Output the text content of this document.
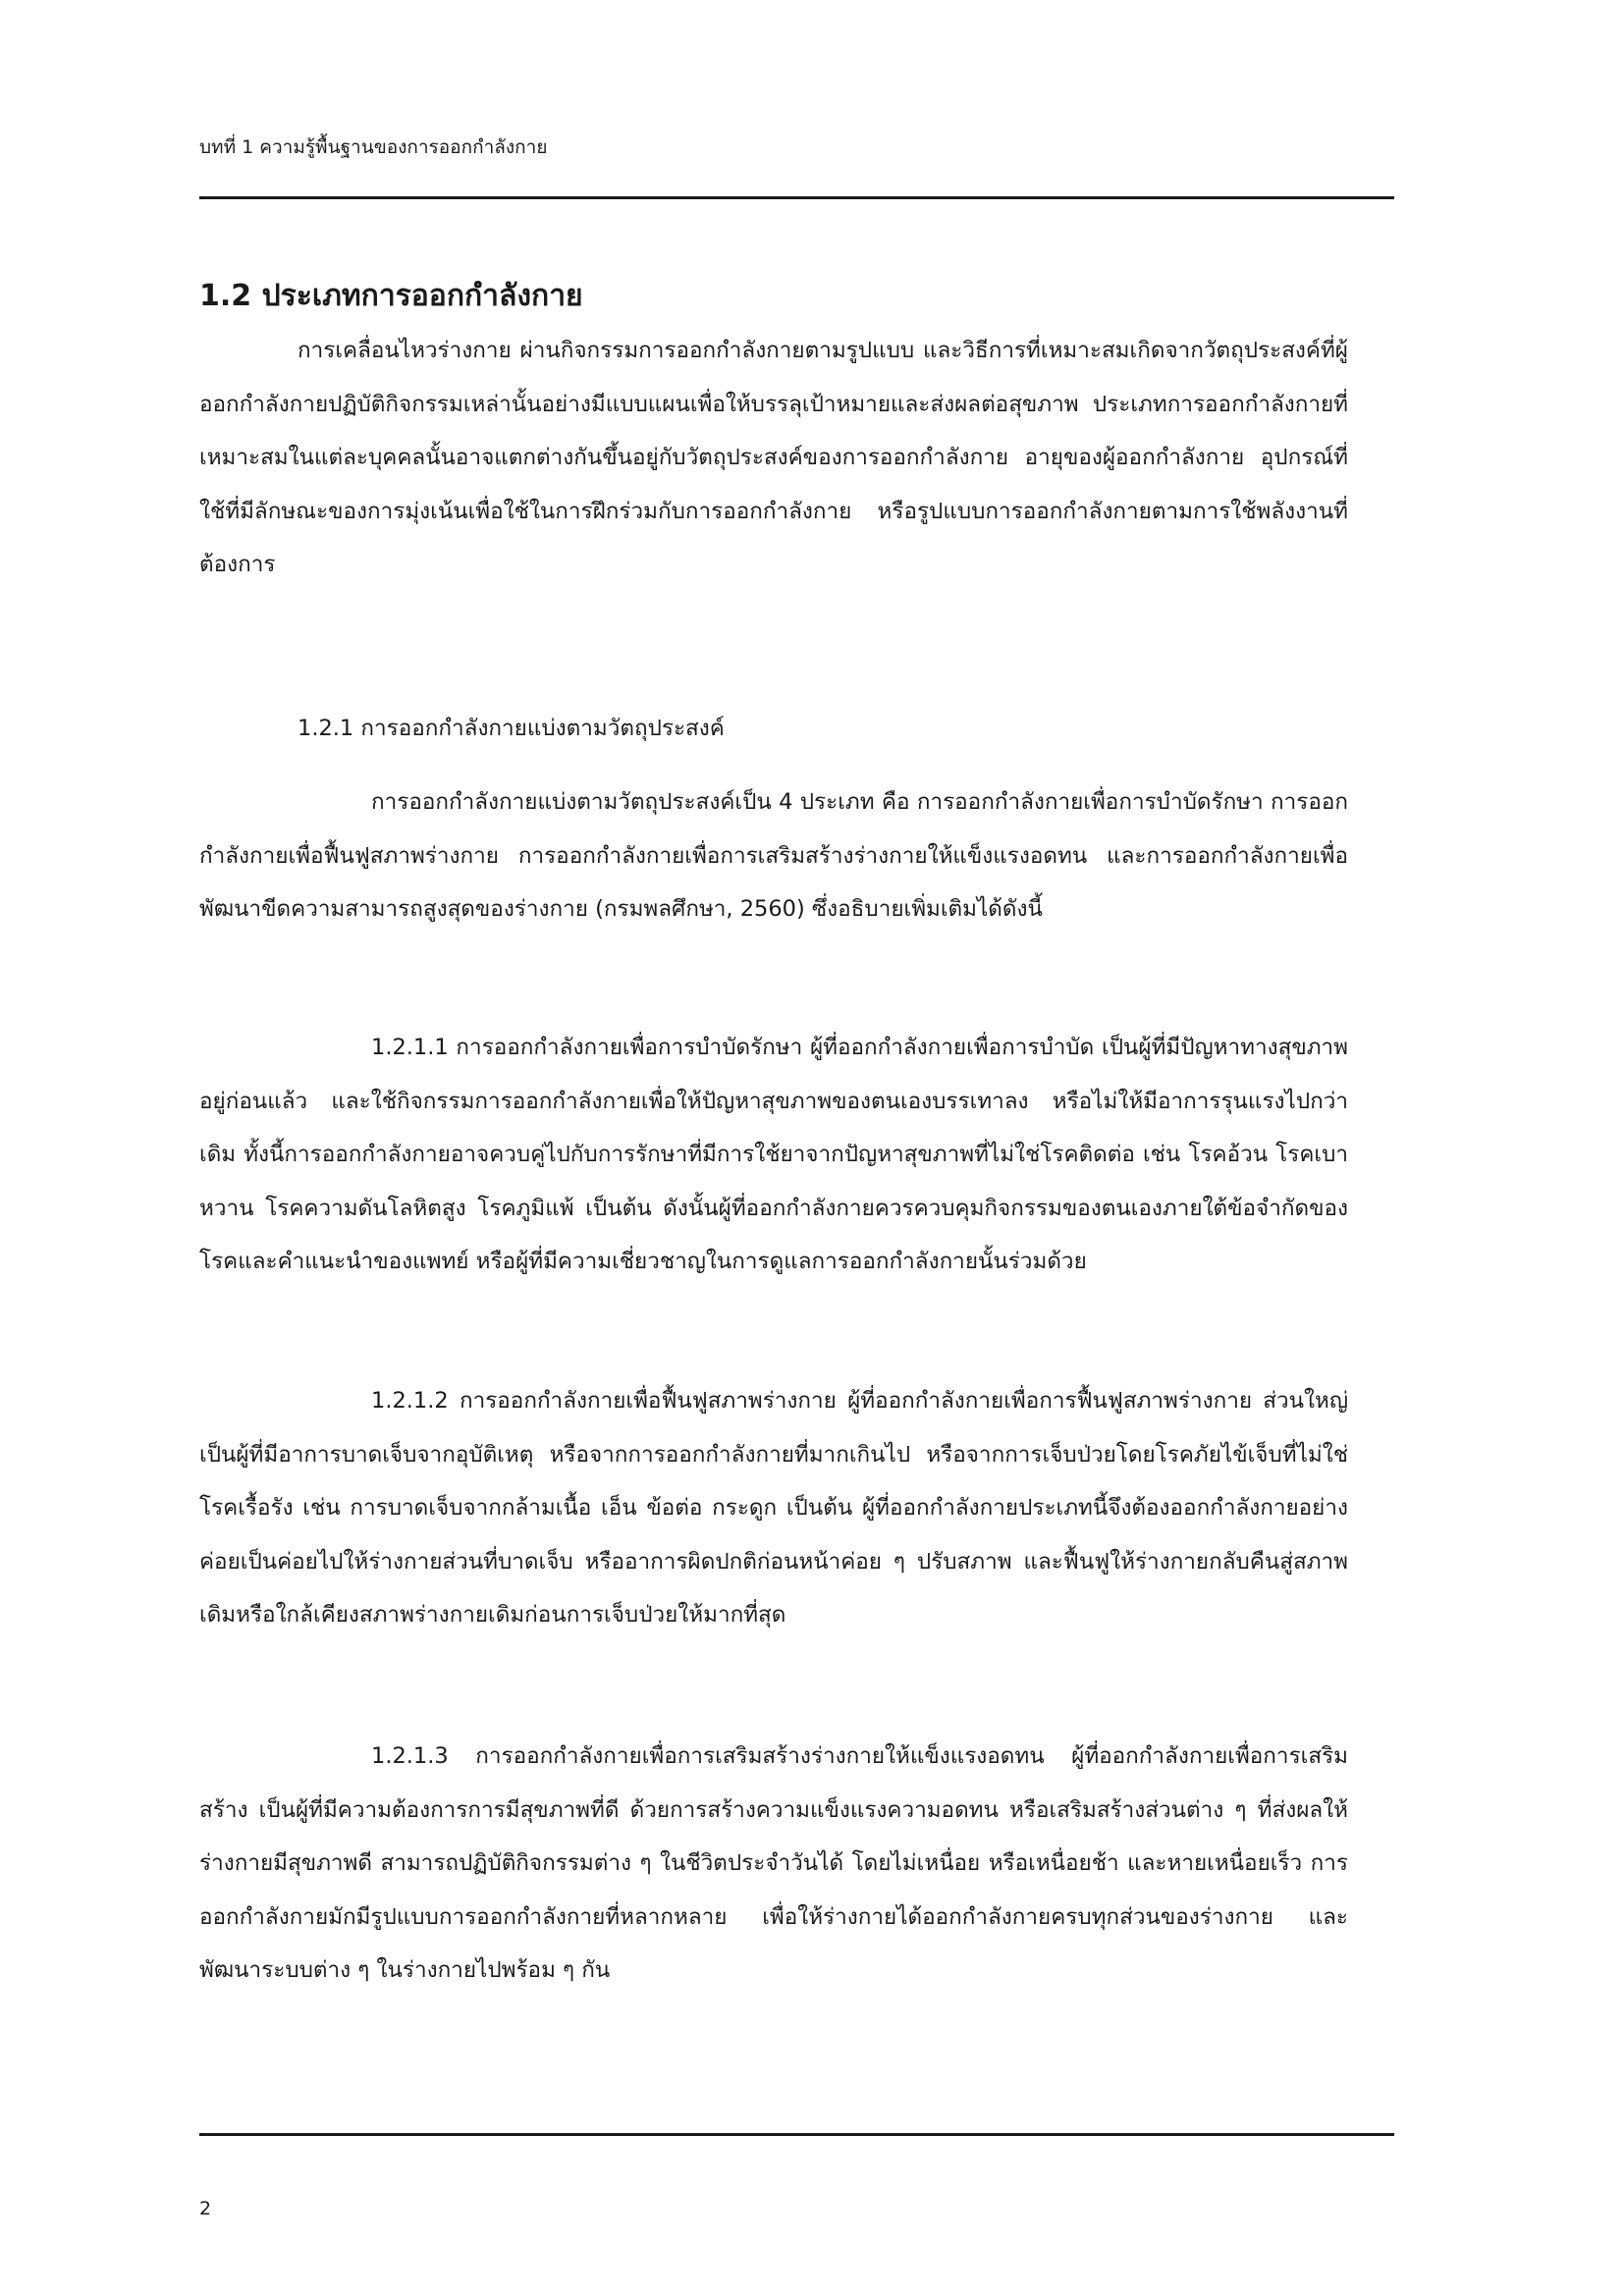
บทที่ 1 ความรู้พื้นฐานของการออกกำลังกาย
1.2 ประเภทการออกกำลังกาย

การเคลื่อนไหวร่างกาย ผ่านกิจกรรมการออกกำลังกายตามรูปแบบ และวิธีการที่เหมาะสมเกิดจากวัตถุประสงค์ที่ผู้ออกกำลังกายปฏิบัติกิจกรรมเหล่านั้นอย่างมีแบบแผนเพื่อให้บรรลุเป้าหมายและส่งผลต่อสุขภาพ ประเภทการออกกำลังกายที่เหมาะสมในแต่ละบุคคลนั้นอาจแตกต่างกันขึ้นอยู่กับวัตถุประสงค์ของการออกกำลังกาย อายุของผู้ออกกำลังกาย อุปกรณ์ที่ใช้ที่มีลักษณะของการมุ่งเน้นเพื่อใช้ในการฝึกร่วมกับการออกกำลังกาย หรือรูปแบบการออกกำลังกายตามการใช้พลังงานที่ต้องการ

1.2.1 การออกกำลังกายแบ่งตามวัตถุประสงค์

การออกกำลังกายแบ่งตามวัตถุประสงค์เป็น 4 ประเภท คือ การออกกำลังกายเพื่อการบำบัดรักษา การออกกำลังกายเพื่อฟื้นฟูสภาพร่างกาย การออกกำลังกายเพื่อการเสริมสร้างร่างกายให้แข็งแรงอดทน และการออกกำลังกายเพื่อพัฒนาขีดความสามารถสูงสุดของร่างกาย (กรมพลศึกษา, 2560) ซึ่งอธิบายเพิ่มเติมได้ดังนี้

1.2.1.1 การออกกำลังกายเพื่อการบำบัดรักษา ผู้ที่ออกกำลังกายเพื่อการบำบัด เป็นผู้ที่มีปัญหาทางสุขภาพอยู่ก่อนแล้ว และใช้กิจกรรมการออกกำลังกายเพื่อให้ปัญหาสุขภาพของตนเองบรรเทาลง หรือไม่ให้มีอาการรุนแรงไปกว่าเดิม ทั้งนี้การออกกำลังกายอาจควบคู่ไปกับการรักษาที่มีการใช้ยาจากปัญหาสุขภาพที่ไม่ใช่โรคติดต่อ เช่น โรคอ้วน โรคเบาหวาน โรคความดันโลหิตสูง โรคภูมิแพ้ เป็นต้น ดังนั้นผู้ที่ออกกำลังกายควรควบคุมกิจกรรมของตนเองภายใต้ข้อจำกัดของโรคและคำแนะนำของแพทย์ หรือผู้ที่มีความเชี่ยวชาญในการดูแลการออกกำลังกายนั้นร่วมด้วย

1.2.1.2 การออกกำลังกายเพื่อฟื้นฟูสภาพร่างกาย ผู้ที่ออกกำลังกายเพื่อการฟื้นฟูสภาพร่างกาย ส่วนใหญ่เป็นผู้ที่มีอาการบาดเจ็บจากอุบัติเหตุ หรือจากการออกกำลังกายที่มากเกินไป หรือจากการเจ็บป่วยโดยโรคภัยไข้เจ็บที่ไม่ใช่โรคเรื้อรัง เช่น การบาดเจ็บจากกล้ามเนื้อ เอ็น ข้อต่อ กระดูก เป็นต้น ผู้ที่ออกกำลังกายประเภทนี้จึงต้องออกกำลังกายอย่างค่อยเป็นค่อยไปให้ร่างกายส่วนที่บาดเจ็บ หรืออาการผิดปกติก่อนหน้าค่อย ๆ ปรับสภาพ และฟื้นฟูให้ร่างกายกลับคืนสู่สภาพเดิมหรือใกล้เคียงสภาพร่างกายเดิมก่อนการเจ็บป่วยให้มากที่สุด

1.2.1.3 การออกกำลังกายเพื่อการเสริมสร้างร่างกายให้แข็งแรงอดทน ผู้ที่ออกกำลังกายเพื่อการเสริมสร้าง เป็นผู้ที่มีความต้องการการมีสุขภาพที่ดี ด้วยการสร้างความแข็งแรงความอดทน หรือเสริมสร้างส่วนต่าง ๆ ที่ส่งผลให้ร่างกายมีสุขภาพดี สามารถปฏิบัติกิจกรรมต่าง ๆ ในชีวิตประจำวันได้ โดยไม่เหนื่อย หรือเหนื่อยช้า และหายเหนื่อยเร็ว การออกกำลังกายมักมีรูปแบบการออกกำลังกายที่หลากหลาย เพื่อให้ร่างกายได้ออกกำลังกายครบทุกส่วนของร่างกาย และพัฒนาระบบต่าง ๆ ในร่างกายไปพร้อม ๆ กัน

2
